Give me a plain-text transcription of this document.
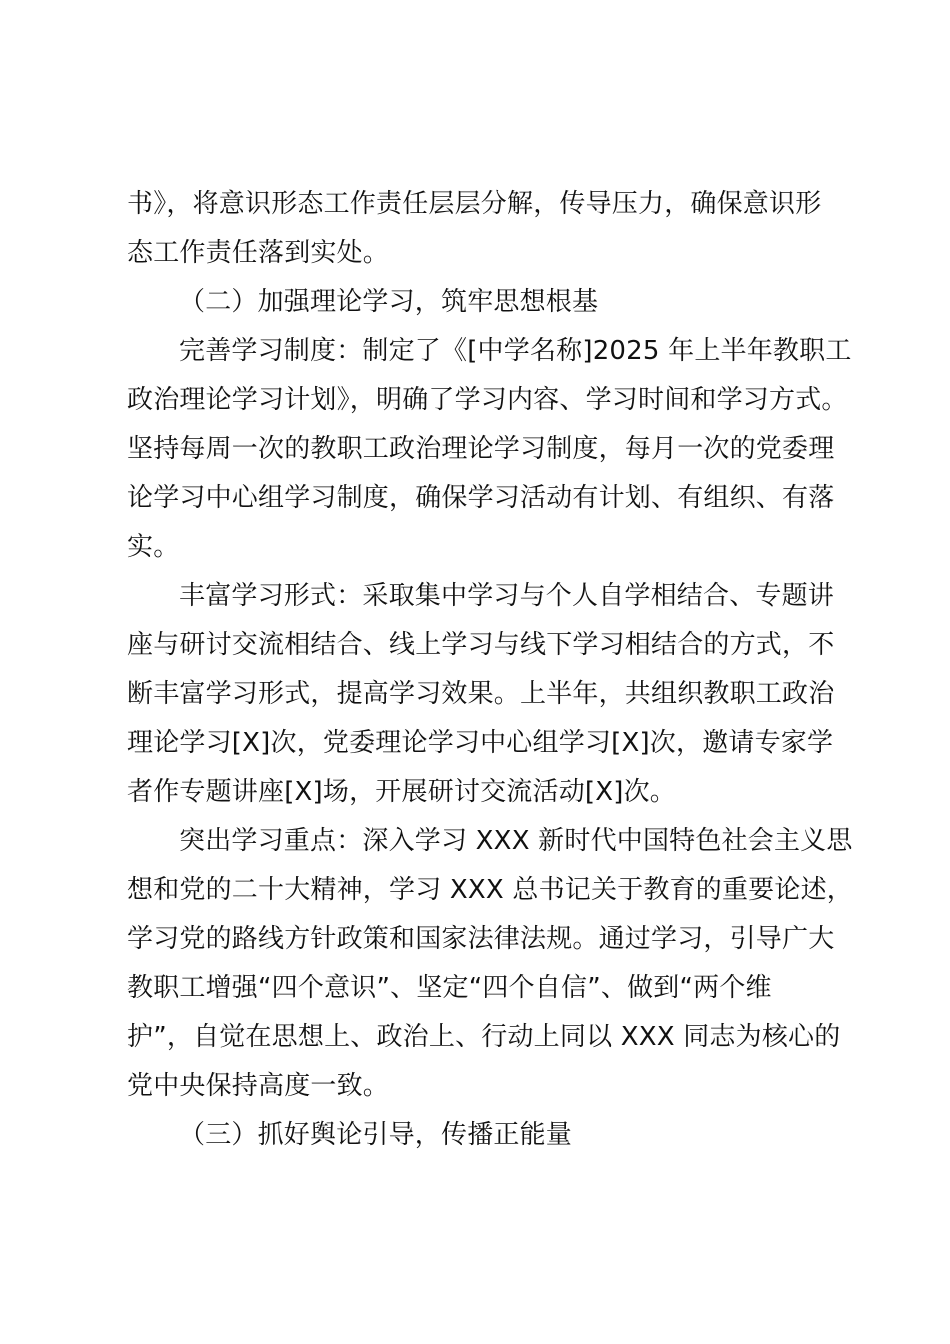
书》，将意识形态工作责任层层分解，传导压力，确保意识形
态工作责任落到实处。
（二）加强理论学习，筑牢思想根基
完善学习制度：制定了《[中学名称]2025 年上半年教职工
政治理论学习计划》，明确了学习内容、学习时间和学习方式。
坚持每周一次的教职工政治理论学习制度，每月一次的党委理
论学习中心组学习制度，确保学习活动有计划、有组织、有落
实。
丰富学习形式：采取集中学习与个人自学相结合、专题讲
座与研讨交流相结合、线上学习与线下学习相结合的方式，不
断丰富学习形式，提高学习效果。上半年，共组织教职工政治
理论学习[X]次，党委理论学习中心组学习[X]次，邀请专家学
者作专题讲座[X]场，开展研讨交流活动[X]次。
突出学习重点：深入学习 XXX 新时代中国特色社会主义思
想和党的二十大精神，学习 XXX 总书记关于教育的重要论述，
学习党的路线方针政策和国家法律法规。通过学习，引导广大
教职工增强“四个意识”、坚定“四个自信”、做到“两个维
护”，自觉在思想上、政治上、行动上同以 XXX 同志为核心的
党中央保持高度一致。
（三）抓好舆论引导，传播正能量
